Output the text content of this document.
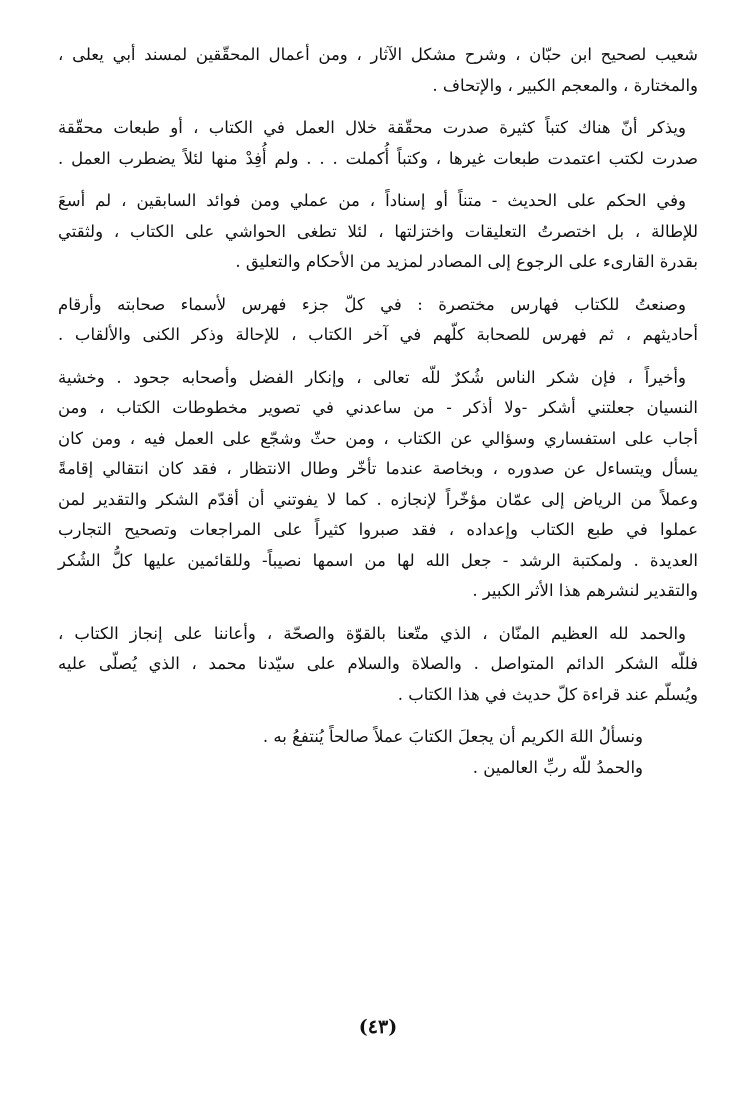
شعيب لصحيح ابن حبّان ، وشرح مشكل الآثار ، ومن أعمال المحقّقين لمسند أبي يعلى ،
والمختارة ، والمعجم الكبير ، والإتحاف .
ويذكر أنّ هناك كتباً كثيرة صدرت محقّقة خلال العمل في الكتاب ، أو طبعات محقّقة
صدرت لكتب اعتمدت طبعات غيرها ، وكتباً أُكملت . . . ولم أُفِدْ منها لئلاً يضطرب العمل .
وفي الحكم على الحديث - متناً أو إسناداً ، من عملي ومن فوائد السابقين ، لم أسعَ
للإطالة ، بل اختصرتُ التعليقات واختزلتها ، لئلا تطغى الحواشي على الكتاب ، ولثقتي
بقدرة القارىء على الرجوع إلى المصادر لمزيد من الأحكام والتعليق .
وصنعتُ للكتاب فهارس مختصرة : في كلّ جزء فهرس لأسماء صحابته وأرقام
أحاديثهم ، ثم فهرس للصحابة كلّهم في آخر الكتاب ، للإحالة وذكر الكنى والألقاب .
وأخيراً ، فإن شكر الناس شُكرٌ للّه تعالى ، وإنكار الفضل وأصحابه جحود . وخشية
النسيان جعلتني أشكر -ولا أذكر - من ساعدني في تصوير مخطوطات الكتاب ، ومن
أجاب على استفساري وسؤالي عن الكتاب ، ومن حثّ وشجّع على العمل فيه ، ومن كان
يسأل ويتساءل عن صدوره ، وبخاصة عندما تأخّر وطال الانتظار ، فقد كان انتقالي إقامةً
وعملاً من الرياض إلى عمّان مؤخّراً لإنجازه . كما لا يفوتني أن أقدّم الشكر والتقدير لمن
عملوا في طبع الكتاب وإعداده ، فقد صبروا كثيراً على المراجعات وتصحيح التجارب
العديدة . ولمكتبة الرشد - جعل الله لها من اسمها نصيباً- وللقائمين عليها كلُّ الشُكر
والتقدير لنشرهم هذا الأثر الكبير .
والحمد لله العظيم المنّان ، الذي متّعنا بالقوّة والصحّة ، وأعاننا على إنجاز الكتاب ،
فللّه الشكر الدائم المتواصل . والصلاة والسلام على سيّدنا محمد ، الذي يُصلّى عليه
ويُسلّم عند قراءة كلّ حديث في هذا الكتاب .
ونسألُ اللهَ الكريم أن يجعلَ الكتابَ عملاً صالحاً يُنتفعُ به .
والحمدُ للّه ربِّ العالمين .
(٤٣)
